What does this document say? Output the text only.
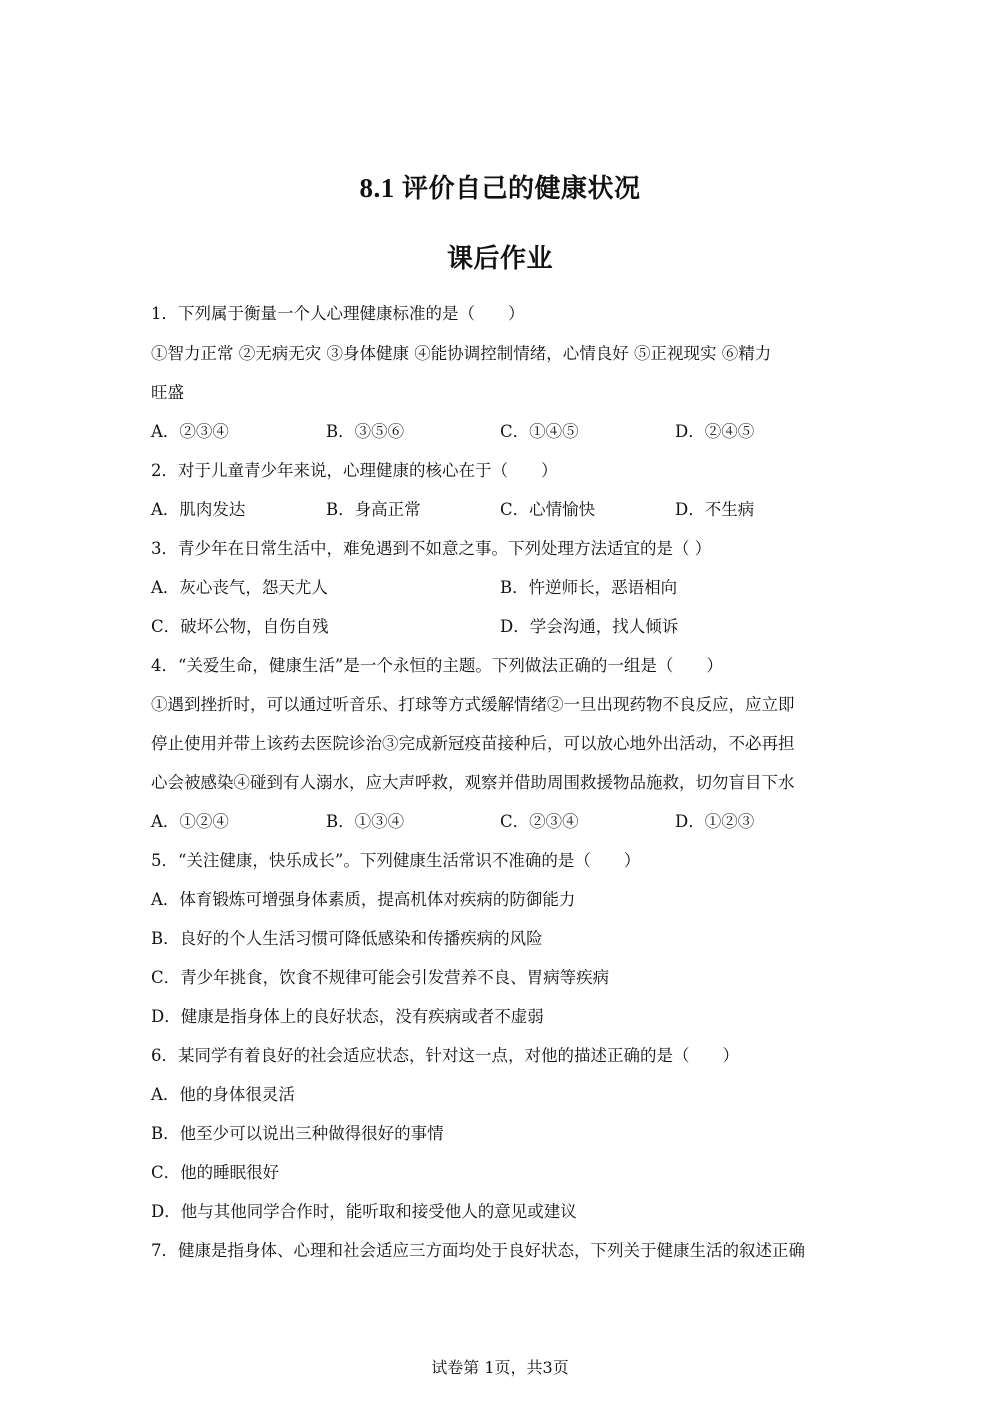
8.1 评价自己的健康状况
课后作业
1．下列属于衡量一个人心理健康标准的是（　　）
①智力正常 ②无病无灾 ③身体健康 ④能协调控制情绪，心情良好 ⑤正视现实 ⑥精力
旺盛
A．②③④	B．③⑤⑥	C．①④⑤	D．②④⑤
2．对于儿童青少年来说，心理健康的核心在于（　　）
A．肌肉发达	B．身高正常	C．心情愉快	D．不生病
3．青少年在日常生活中，难免遇到不如意之事。下列处理方法适宜的是（ ）
A．灰心丧气，怨天尤人	B．忤逆师长，恶语相向
C．破坏公物，自伤自残	D．学会沟通，找人倾诉
4．“关爱生命，健康生活”是一个永恒的主题。下列做法正确的一组是（　　）
①遇到挫折时，可以通过听音乐、打球等方式缓解情绪②一旦出现药物不良反应，应立即
停止使用并带上该药去医院诊治③完成新冠疫苗接种后，可以放心地外出活动，不必再担
心会被感染④碰到有人溺水，应大声呼救，观察并借助周围救援物品施救，切勿盲目下水
A．①②④	B．①③④	C．②③④	D．①②③
5．“关注健康，快乐成长”。下列健康生活常识不准确的是（　　）
A．体育锻炼可增强身体素质，提高机体对疾病的防御能力
B．良好的个人生活习惯可降低感染和传播疾病的风险
C．青少年挑食，饮食不规律可能会引发营养不良、胃病等疾病
D．健康是指身体上的良好状态，没有疾病或者不虚弱
6．某同学有着良好的社会适应状态，针对这一点，对他的描述正确的是（　　）
A．他的身体很灵活
B．他至少可以说出三种做得很好的事情
C．他的睡眠很好
D．他与其他同学合作时，能听取和接受他人的意见或建议
7．健康是指身体、心理和社会适应三方面均处于良好状态，下列关于健康生活的叙述正确
试卷第 1页，共3页
